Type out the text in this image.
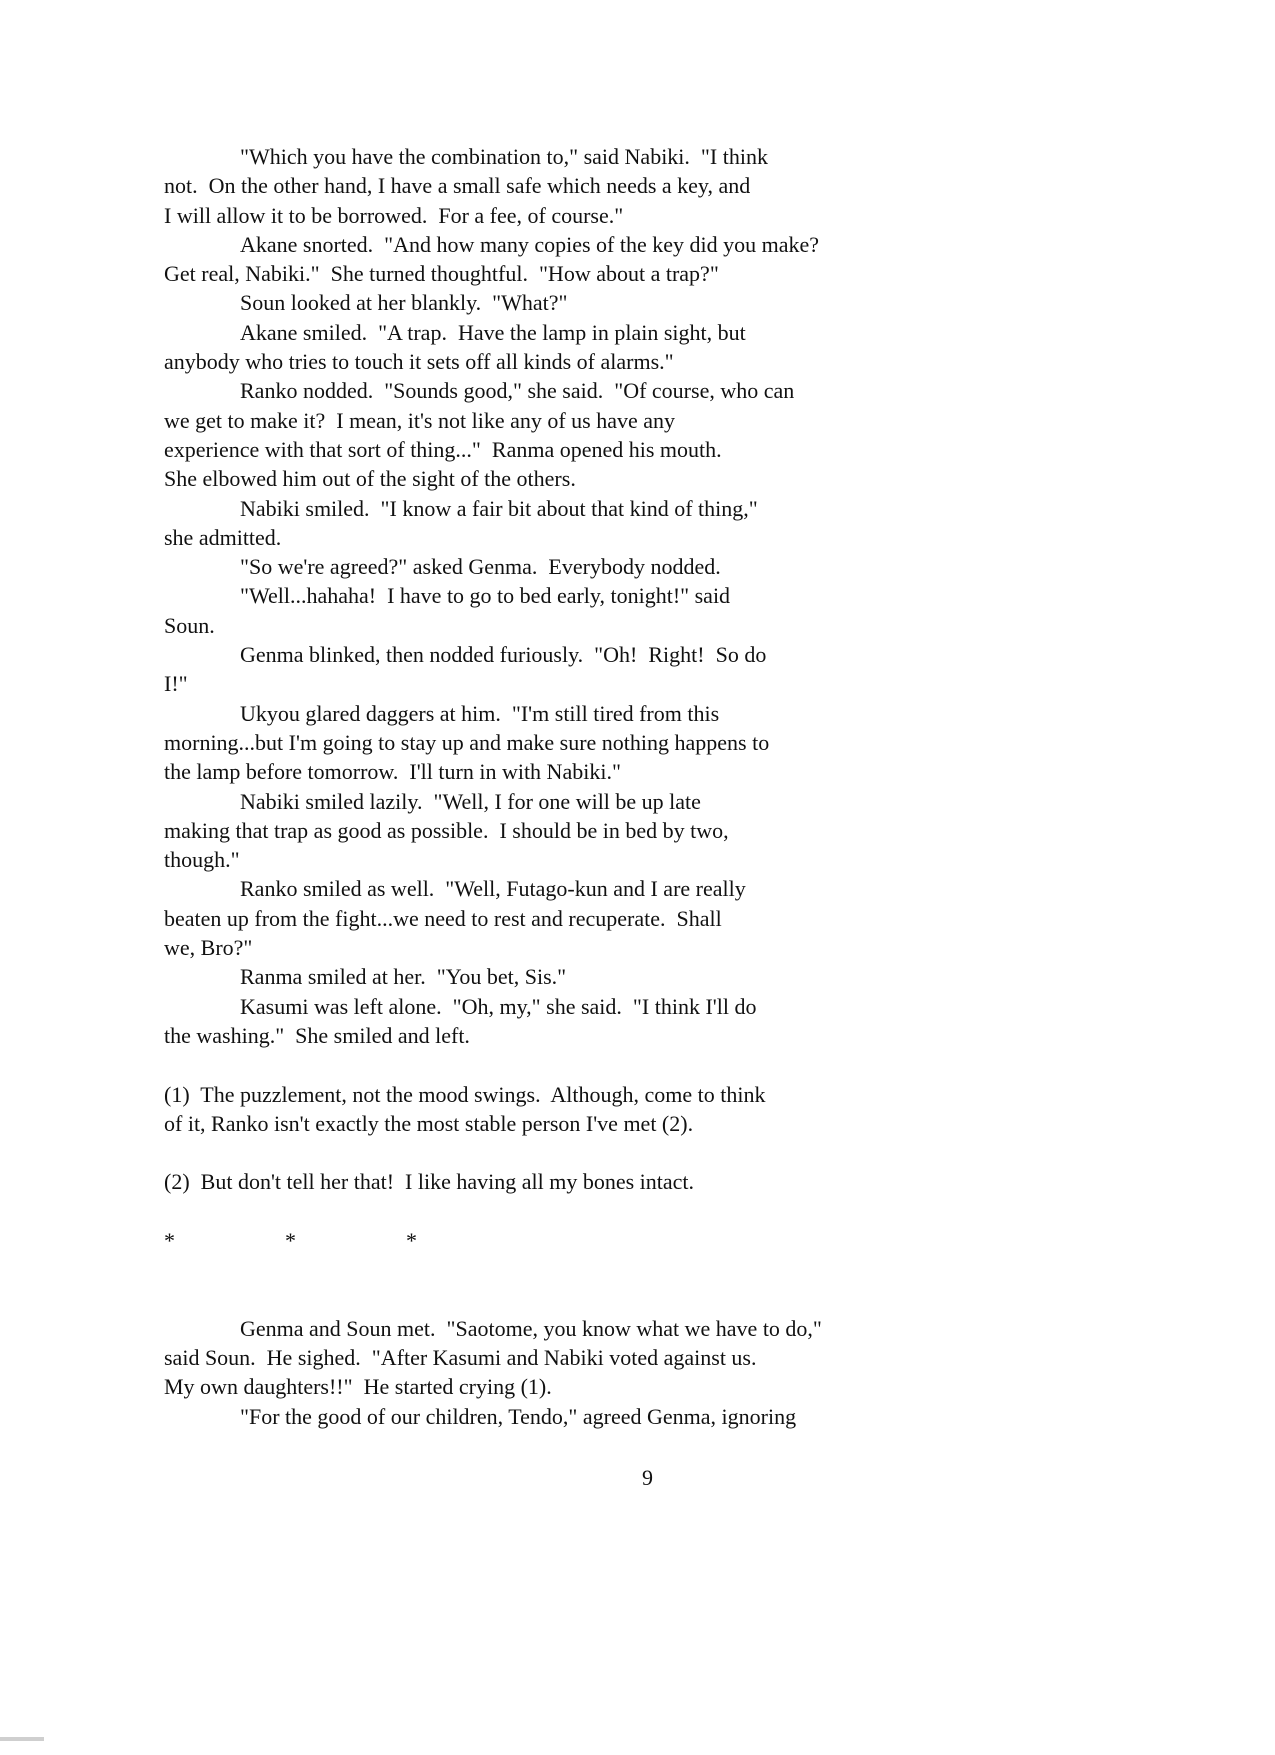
"Which you have the combination to," said Nabiki.  "I think
not.  On the other hand, I have a small safe which needs a key, and
I will allow it to be borrowed.  For a fee, of course."
Akane snorted.  "And how many copies of the key did you make?
Get real, Nabiki."  She turned thoughtful.  "How about a trap?"
Soun looked at her blankly.  "What?"
Akane smiled.  "A trap.  Have the lamp in plain sight, but
anybody who tries to touch it sets off all kinds of alarms."
Ranko nodded.  "Sounds good," she said.  "Of course, who can
we get to make it?  I mean, it's not like any of us have any
experience with that sort of thing..."  Ranma opened his mouth.
She elbowed him out of the sight of the others.
Nabiki smiled.  "I know a fair bit about that kind of thing,"
she admitted.
"So we're agreed?" asked Genma.  Everybody nodded.
"Well...hahaha!  I have to go to bed early, tonight!" said
Soun.
Genma blinked, then nodded furiously.  "Oh!  Right!  So do
I!"
Ukyou glared daggers at him.  "I'm still tired from this
morning...but I'm going to stay up and make sure nothing happens to
the lamp before tomorrow.  I'll turn in with Nabiki."
Nabiki smiled lazily.  "Well, I for one will be up late
making that trap as good as possible.  I should be in bed by two,
though."
Ranko smiled as well.  "Well, Futago-kun and I are really
beaten up from the fight...we need to rest and recuperate.  Shall
we, Bro?"
Ranma smiled at her.  "You bet, Sis."
Kasumi was left alone.  "Oh, my," she said.  "I think I'll do
the washing."  She smiled and left.
(1)  The puzzlement, not the mood swings.  Although, come to think
of it, Ranko isn't exactly the most stable person I've met (2).
(2)  But don't tell her that!  I like having all my bones intact.
*    *    *
Genma and Soun met.  "Saotome, you know what we have to do,"
said Soun.  He sighed.  "After Kasumi and Nabiki voted against us.
My own daughters!!"  He started crying (1).
"For the good of our children, Tendo," agreed Genma, ignoring
9
